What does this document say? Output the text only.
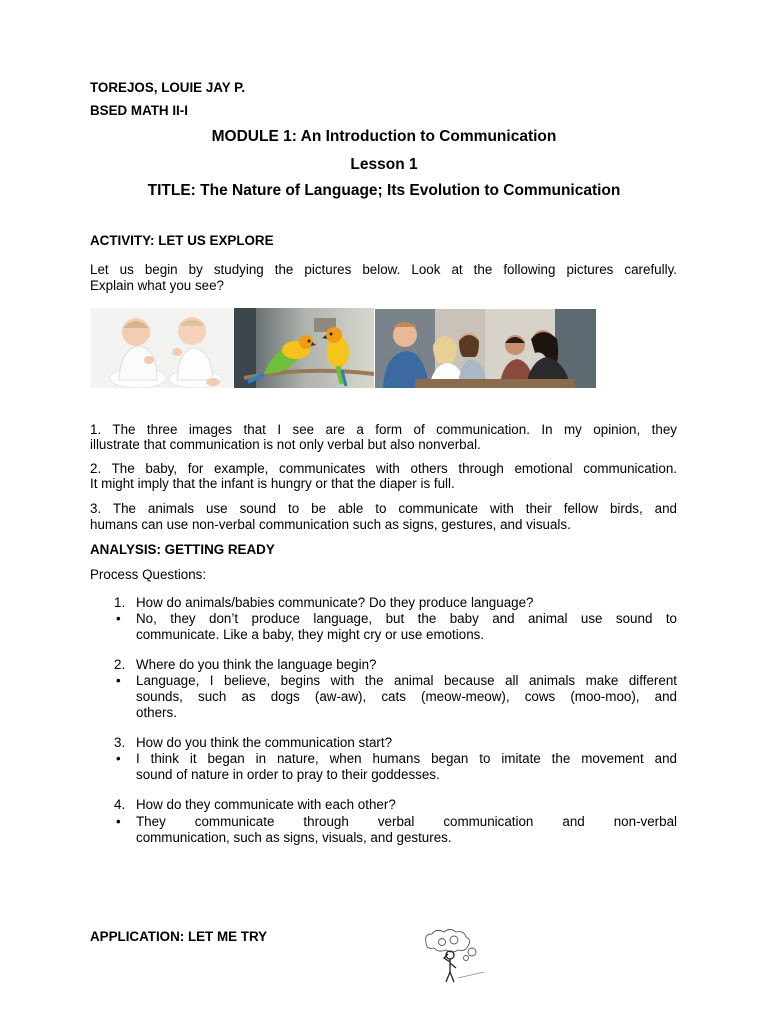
TOREJOS, LOUIE JAY P.
BSED MATH II-I
MODULE 1: An Introduction to Communication
Lesson 1
TITLE: The Nature of Language; Its Evolution to Communication
ACTIVITY: LET US EXPLORE
Let us begin by studying the pictures below. Look at the following pictures carefully.
Explain what you see?
1. The three images that I see are a form of communication. In my opinion, they
illustrate that communication is not only verbal but also nonverbal.
2. The baby, for example, communicates with others through emotional communication.
It might imply that the infant is hungry or that the diaper is full.
3. The animals use sound to be able to communicate with their fellow birds, and
humans can use non-verbal communication such as signs, gestures, and visuals.
ANALYSIS: GETTING READY
Process Questions:
1. How do animals/babies communicate? Do they produce language?
• No, they don’t produce language, but the baby and animal use sound to
communicate. Like a baby, they might cry or use emotions.
2. Where do you think the language begin?
• Language, I believe, begins with the animal because all animals make different
sounds, such as dogs (aw-aw), cats (meow-meow), cows (moo-moo), and
others.
3. How do you think the communication start?
• I think it began in nature, when humans began to imitate the movement and
sound of nature in order to pray to their goddesses.
4. How do they communicate with each other?
• They communicate through verbal communication and non-verbal
communication, such as signs, visuals, and gestures.
APPLICATION: LET ME TRY
